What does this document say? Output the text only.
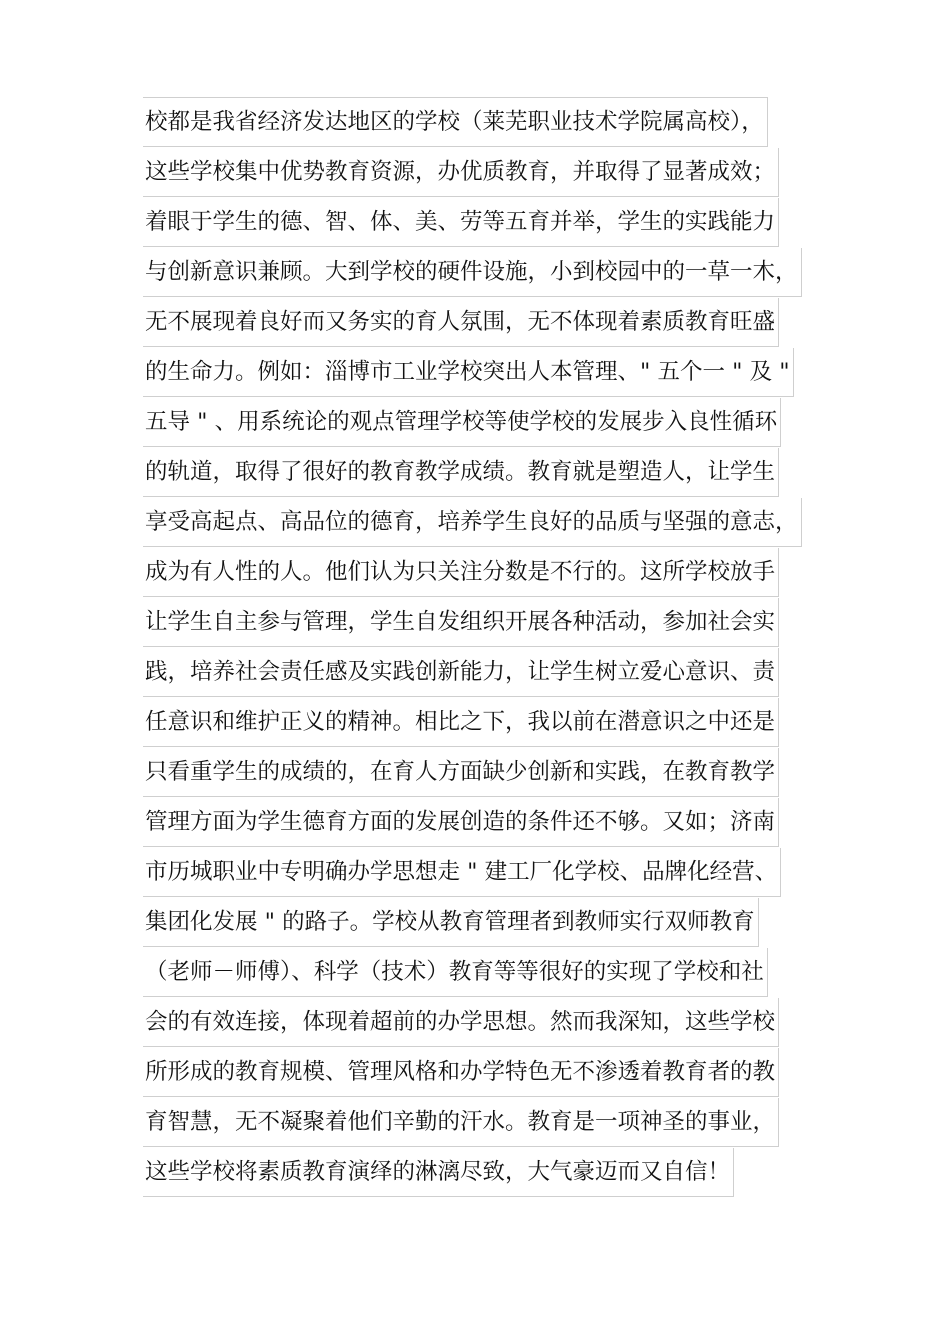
校都是我省经济发达地区的学校（莱芜职业技术学院属高校），
这些学校集中优势教育资源，办优质教育，并取得了显著成效；
着眼于学生的德、智、体、美、劳等五育并举，学生的实践能力
与创新意识兼顾。大到学校的硬件设施，小到校园中的一草一木，
无不展现着良好而又务实的育人氛围，无不体现着素质教育旺盛
的生命力。例如：淄博市工业学校突出人本管理、" 五个一 " 及 "
五导 " 、用系统论的观点管理学校等使学校的发展步入良性循环
的轨道，取得了很好的教育教学成绩。教育就是塑造人，让学生
享受高起点、高品位的德育，培养学生良好的品质与坚强的意志，
成为有人性的人。他们认为只关注分数是不行的。这所学校放手
让学生自主参与管理，学生自发组织开展各种活动，参加社会实
践，培养社会责任感及实践创新能力，让学生树立爱心意识、责
任意识和维护正义的精神。相比之下，我以前在潜意识之中还是
只看重学生的成绩的，在育人方面缺少创新和实践，在教育教学
管理方面为学生德育方面的发展创造的条件还不够。又如；济南
市历城职业中专明确办学思想走 " 建工厂化学校、品牌化经营、
集团化发展 " 的路子。学校从教育管理者到教师实行双师教育
（老师－师傅）、科学（技术）教育等等很好的实现了学校和社
会的有效连接，体现着超前的办学思想。然而我深知，这些学校
所形成的教育规模、管理风格和办学特色无不渗透着教育者的教
育智慧，无不凝聚着他们辛勤的汗水。教育是一项神圣的事业，
这些学校将素质教育演绎的淋漓尽致，大气豪迈而又自信！
